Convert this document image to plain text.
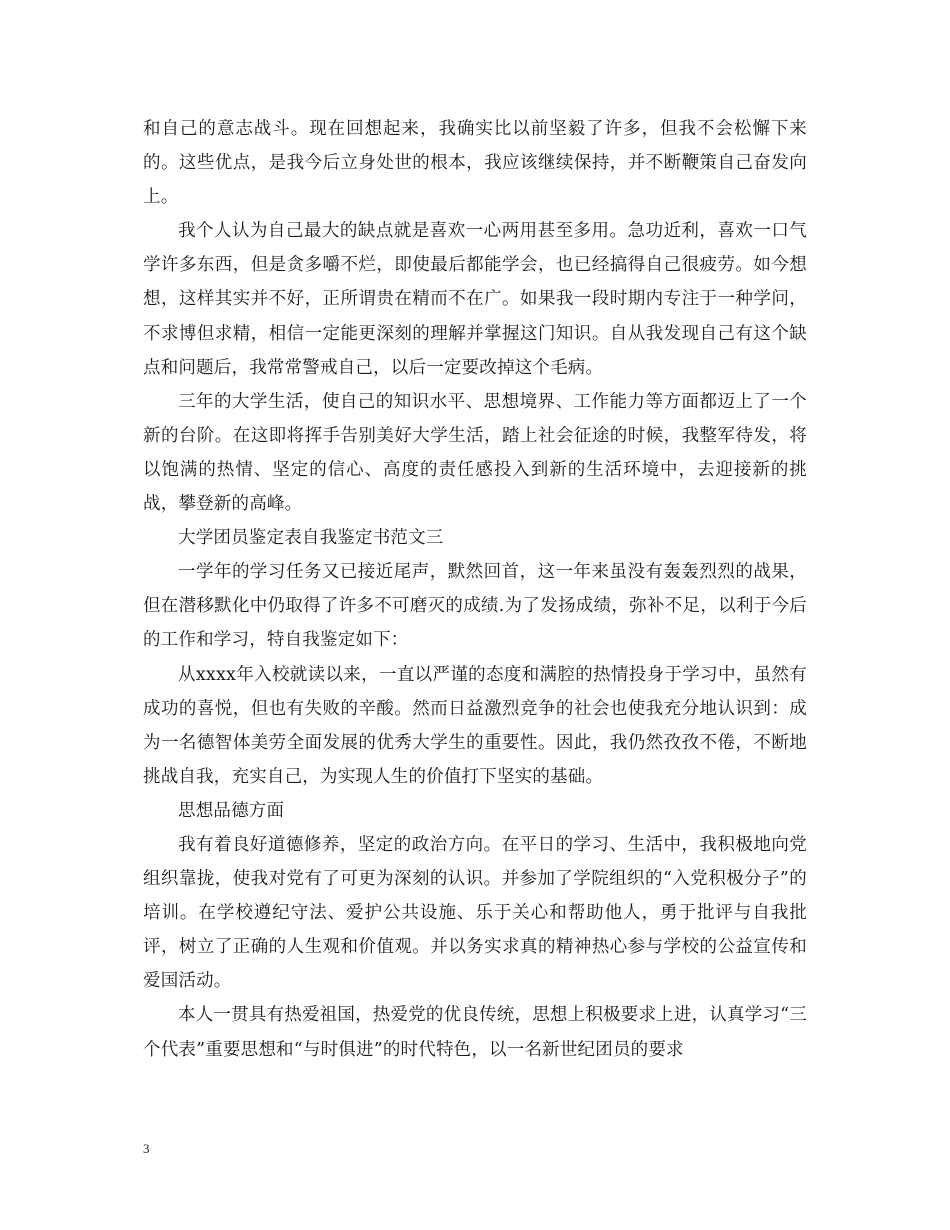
和自己的意志战斗。现在回想起来，我确实比以前坚毅了许多，但我不会松懈下来的。这些优点，是我今后立身处世的根本，我应该继续保持，并不断鞭策自己奋发向上。

我个人认为自己最大的缺点就是喜欢一心两用甚至多用。急功近利，喜欢一口气学许多东西，但是贪多嚼不烂，即使最后都能学会，也已经搞得自己很疲劳。如今想想，这样其实并不好，正所谓贵在精而不在广。如果我一段时期内专注于一种学问，不求博但求精，相信一定能更深刻的理解并掌握这门知识。自从我发现自己有这个缺点和问题后，我常常警戒自己，以后一定要改掉这个毛病。

三年的大学生活，使自己的知识水平、思想境界、工作能力等方面都迈上了一个新的台阶。在这即将挥手告别美好大学生活，踏上社会征途的时候，我整军待发，将以饱满的热情、坚定的信心、高度的责任感投入到新的生活环境中，去迎接新的挑战，攀登新的高峰。

大学团员鉴定表自我鉴定书范文三

一学年的学习任务又已接近尾声，默然回首，这一年来虽没有轰轰烈烈的战果，但在潜移默化中仍取得了许多不可磨灭的成绩.为了发扬成绩，弥补不足，以利于今后的工作和学习，特自我鉴定如下：

从xxxx年入校就读以来，一直以严谨的态度和满腔的热情投身于学习中，虽然有成功的喜悦，但也有失败的辛酸。然而日益激烈竞争的社会也使我充分地认识到：成为一名德智体美劳全面发展的优秀大学生的重要性。因此，我仍然孜孜不倦，不断地挑战自我，充实自己，为实现人生的价值打下坚实的基础。

思想品德方面

我有着良好道德修养，坚定的政治方向。在平日的学习、生活中，我积极地向党组织靠拢，使我对党有了可更为深刻的认识。并参加了学院组织的“入党积极分子”的培训。在学校遵纪守法、爱护公共设施、乐于关心和帮助他人，勇于批评与自我批评，树立了正确的人生观和价值观。并以务实求真的精神热心参与学校的公益宣传和爱国活动。

本人一贯具有热爱祖国，热爱党的优良传统，思想上积极要求上进，认真学习“三个代表”重要思想和“与时俱进”的时代特色，以一名新世纪团员的要求

3
